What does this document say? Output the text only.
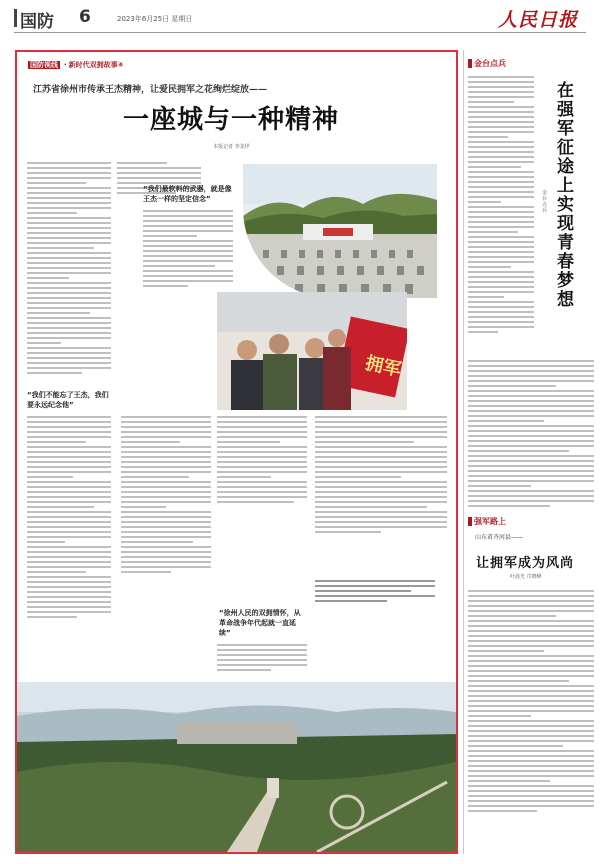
国防 6	2023年6月25日 星期日	人民日报
国防视线 · 新时代双拥故事④
江苏省徐州市传承王杰精神，让爱民拥军之花绚烂绽放——
一座城与一种精神
本报记者 李龙伊
“我们最软料的武器，就是像王杰一样的坚定信念”
“我们不能忘了王杰，我们要永远纪念他”
“徐州人民的双拥情怀，从革命战争年代起就一直延续”
拥军
金台点兵
在强军征途上实现青春梦想
金台点兵
强军路上
山东省齐河县——
让拥军成为风尚
叶晨光 邝晓峰
